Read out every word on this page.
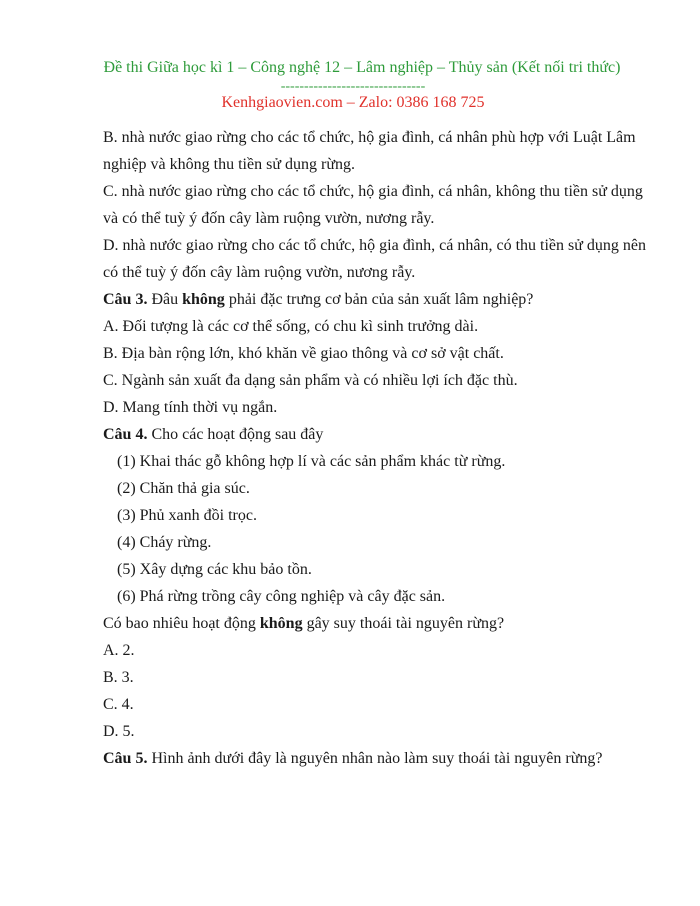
Đề thi Giữa học kì 1 – Công nghệ 12 – Lâm nghiệp – Thủy sản (Kết nối tri thức)
-------------------------------
Kenhgiaovien.com – Zalo: 0386 168 725
B. nhà nước giao rừng cho các tổ chức, hộ gia đình, cá nhân phù hợp với Luật Lâm
nghiệp và không thu tiền sử dụng rừng.
C. nhà nước giao rừng cho các tổ chức, hộ gia đình, cá nhân, không thu tiền sử dụng
và có thể tuỳ ý đốn cây làm ruộng vườn, nương rẫy.
D. nhà nước giao rừng cho các tổ chức, hộ gia đình, cá nhân, có thu tiền sử dụng nên
có thể tuỳ ý đốn cây làm ruộng vườn, nương rẫy.
Câu 3. Đâu không phải đặc trưng cơ bản của sản xuất lâm nghiệp?
A. Đối tượng là các cơ thể sống, có chu kì sinh trưởng dài.
B. Địa bàn rộng lớn, khó khăn về giao thông và cơ sở vật chất.
C. Ngành sản xuất đa dạng sản phẩm và có nhiều lợi ích đặc thù.
D. Mang tính thời vụ ngắn.
Câu 4. Cho các hoạt động sau đây
(1) Khai thác gỗ không hợp lí và các sản phẩm khác từ rừng.
(2) Chăn thả gia súc.
(3) Phủ xanh đồi trọc.
(4) Cháy rừng.
(5) Xây dựng các khu bảo tồn.
(6) Phá rừng trồng cây công nghiệp và cây đặc sản.
Có bao nhiêu hoạt động không gây suy thoái tài nguyên rừng?
A. 2.
B. 3.
C. 4.
D. 5.
Câu 5. Hình ảnh dưới đây là nguyên nhân nào làm suy thoái tài nguyên rừng?
